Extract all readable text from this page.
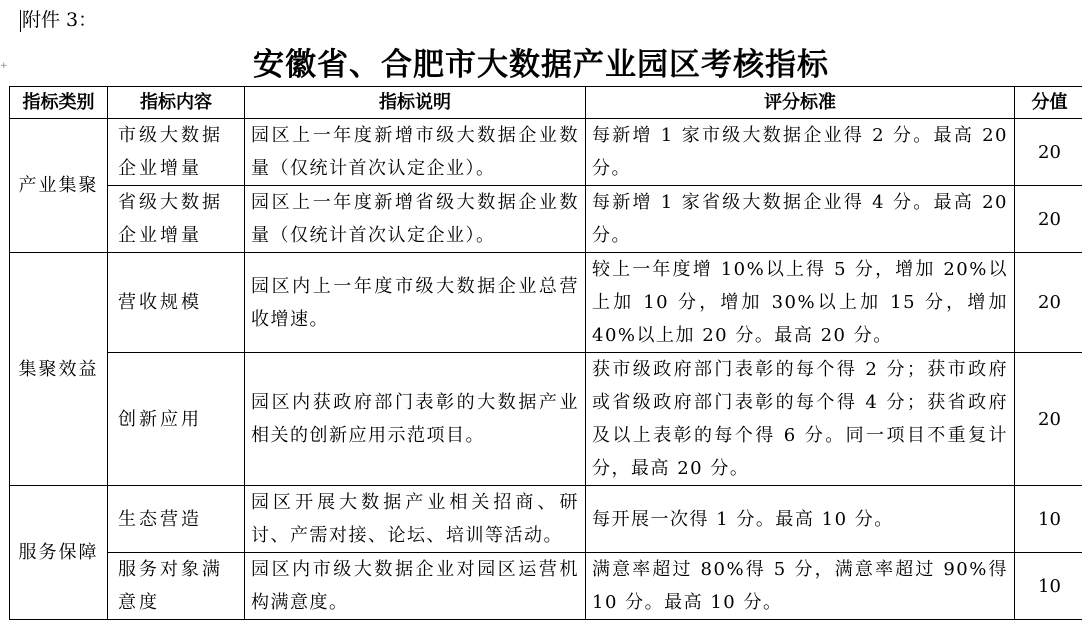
附件 3：
+	安徽省、合肥市大数据产业园区考核指标
指标类别	指标内容	指标说明	评分标准	分值
产业集聚	市级大数据企业增量	园区上一年度新增市级大数据企业数量（仅统计首次认定企业）。	每新增 1 家市级大数据企业得 2 分。最高 20 分。	20
	省级大数据企业增量	园区上一年度新增省级大数据企业数量（仅统计首次认定企业）。	每新增 1 家省级大数据企业得 4 分。最高 20 分。	20
集聚效益	营收规模	园区内上一年度市级大数据企业总营收增速。	较上一年度增 10%以上得 5 分，增加 20%以上加 10 分，增加 30%以上加 15 分，增加 40%以上加 20 分。最高 20 分。	20
	创新应用	园区内获政府部门表彰的大数据产业相关的创新应用示范项目。	获市级政府部门表彰的每个得 2 分；获市政府或省级政府部门表彰的每个得 4 分；获省政府及以上表彰的每个得 6 分。同一项目不重复计分，最高 20 分。	20
服务保障	生态营造	园区开展大数据产业相关招商、研讨、产需对接、论坛、培训等活动。	每开展一次得 1 分。最高 10 分。	10
	服务对象满意度	园区内市级大数据企业对园区运营机构满意度。	满意率超过 80%得 5 分，满意率超过 90%得 10 分。最高 10 分。	10
